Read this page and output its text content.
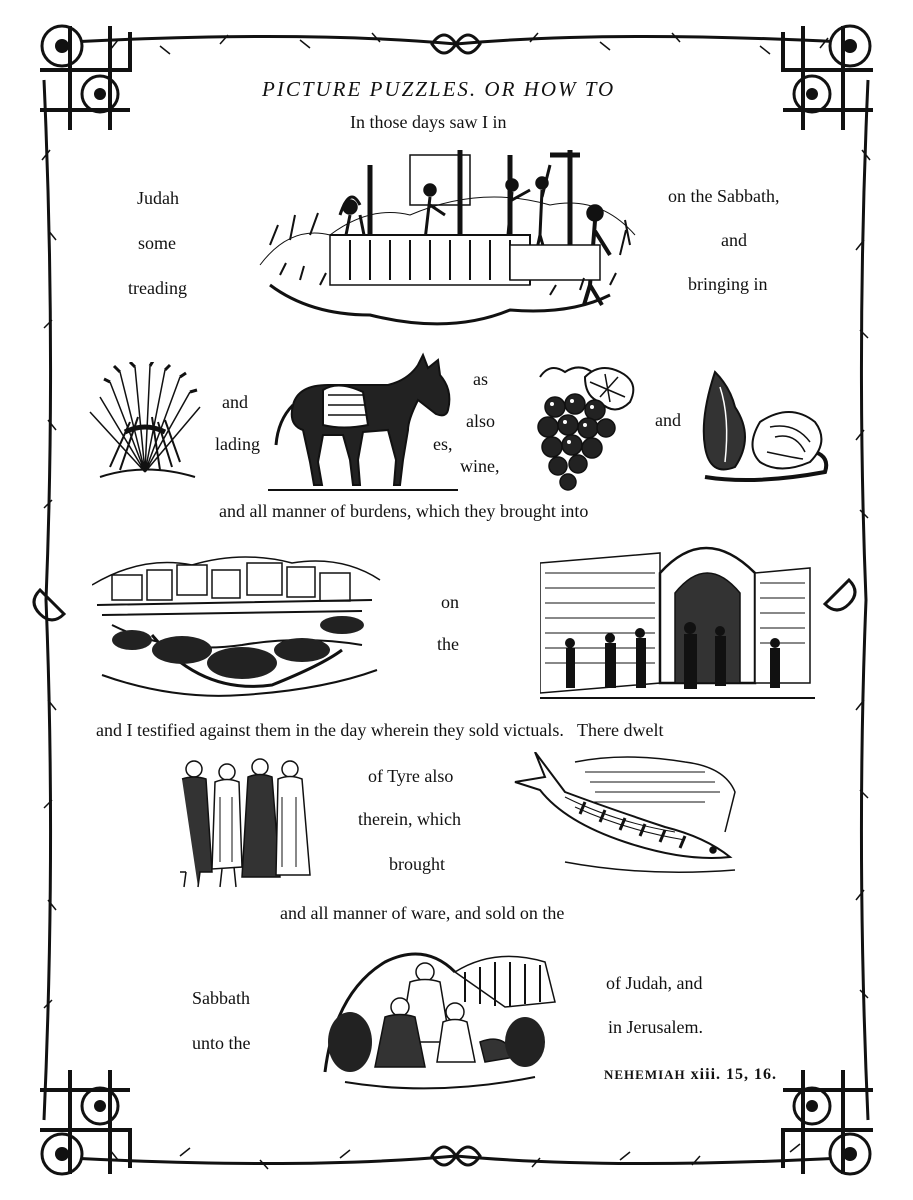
PICTURE PUZZLES. OR HOW TO
In those days saw I in
Judah
some
treading
on the Sabbath,
and
bringing in
and
lading
as
also
es,
wine,
and
and all manner of burdens, which they brought into
on
the
and I testified against them in the day wherein they sold victuals.   There dwelt
of Tyre also
therein, which
brought
and all manner of ware, and sold on the
Sabbath
unto the
of Judah, and
in Jerusalem.
NEHEMIAH xiii. 15, 16.
